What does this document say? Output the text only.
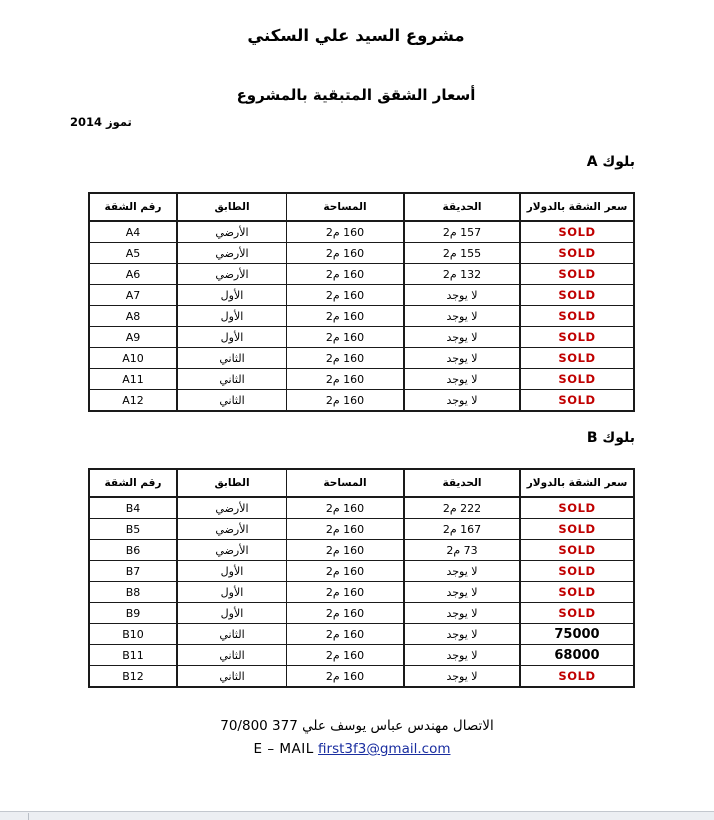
مشروع السيد علي السكني
أسعار الشقق المتبقية بالمشروع
تموز 2014
بلوك A
سعر الشقة بالدولار	الحديقة	المساحة	الطابق	رقم الشقة
SOLD	157 م2	160 م2	الأرضي	A4
SOLD	155 م2	160 م2	الأرضي	A5
SOLD	132 م2	160 م2	الأرضي	A6
SOLD	لا يوجد	160 م2	الأول	A7
SOLD	لا يوجد	160 م2	الأول	A8
SOLD	لا يوجد	160 م2	الأول	A9
SOLD	لا يوجد	160 م2	الثاني	A10
SOLD	لا يوجد	160 م2	الثاني	A11
SOLD	لا يوجد	160 م2	الثاني	A12
بلوك B
سعر الشقة بالدولار	الحديقة	المساحة	الطابق	رقم الشقة
SOLD	222 م2	160 م2	الأرضي	B4
SOLD	167 م2	160 م2	الأرضي	B5
SOLD	73 م2	160 م2	الأرضي	B6
SOLD	لا يوجد	160 م2	الأول	B7
SOLD	لا يوجد	160 م2	الأول	B8
SOLD	لا يوجد	160 م2	الأول	B9
75000	لا يوجد	160 م2	الثاني	B10
68000	لا يوجد	160 م2	الثاني	B11
SOLD	لا يوجد	160 م2	الثاني	B12
الاتصال مهندس عباس يوسف علي 377 70/800
E – MAIL first3f3@gmail.com
